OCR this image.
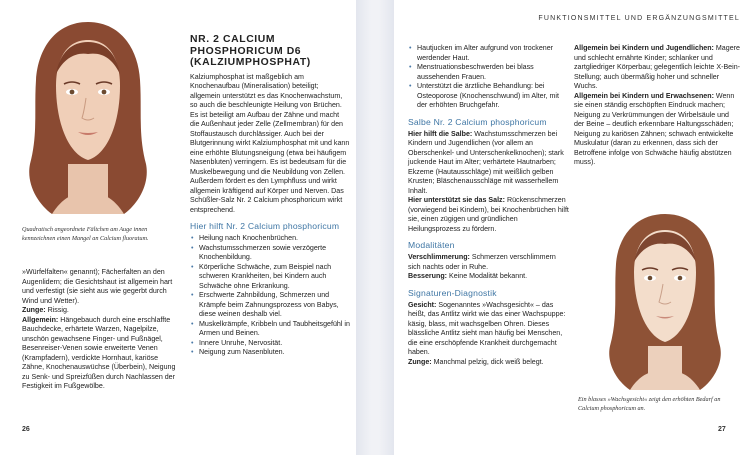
Quadratisch angeordnete Fältchen am Auge innen kennzeichnen einen Mangel an Calcium fluoratum.

»Würfelfalten« genannt); Fächerfalten an den Augenlidern; die Gesichtshaut ist allgemein hart und verfestigt (sie sieht aus wie gegerbt durch Wind und Wetter).

Zunge: Rissig.

Allgemein: Hängebauch durch eine erschlaffte Bauchdecke, erhärtete Warzen, Nagelpilze, unschön gewachsene Finger- und Fußnägel, Besenreiser-Venen sowie erweiterte Venen (Krampfadern), verdickte Hornhaut, kariöse Zähne, Knochenauswüchse (Überbein), Neigung zu Senk- und Spreizfüßen durch Nachlassen der Festigkeit im Fußgewölbe.

NR. 2 CALCIUM PHOSPHORICUM D6 (KALZIUMPHOSPHAT)

Kalziumphosphat ist maßgeblich am Knochenaufbau (Mineralisation) beteiligt; allgemein unterstützt es das Knochenwachstum, so auch die beschleunigte Heilung von Brüchen. Es ist beteiligt am Aufbau der Zähne und macht die Außenhaut jeder Zelle (Zellmembran) für den Stoffaustausch durchlässiger. Auch bei der Blutgerinnung wirkt Kalziumphosphat mit und kann eine erhöhte Blutungsneigung (etwa bei häufigem Nasenbluten) verringern. Es ist bedeutsam für die Muskelbewegung und die Neubildung von Zellen. Außerdem fördert es den Lymphfluss und wirkt allgemein kräftigend auf Körper und Nerven. Das Schüßler-Salz Nr. 2 Calcium phosphoricum wirkt entsprechend.

Hier hilft Nr. 2 Calcium phosphoricum
• Heilung nach Knochenbrüchen.
• Wachstumsschmerzen sowie verzögerte Knochenbildung.
• Körperliche Schwäche, zum Beispiel nach schweren Krankheiten, bei Kindern auch Schwäche ohne Erkrankung.
• Erschwerte Zahnbildung, Schmerzen und Krämpfe beim Zahnungsprozess von Babys, diese weinen deshalb viel.
• Muskelkrämpfe, Kribbeln und Taubheitsgefühl in Armen und Beinen.
• Innere Unruhe, Nervosität.
• Neigung zum Nasenbluten.
26
FUNKTIONSMITTEL UND ERGÄNZUNGSMITTEL
• Hautjucken im Alter aufgrund von trockener werdender Haut.
• Menstruationsbeschwerden bei blass aussehenden Frauen.
• Unterstützt die ärztliche Behandlung: bei Osteoporose (Knochenschwund) im Alter, mit der erhöhten Bruchgefahr.
Salbe Nr. 2 Calcium phosphoricum

Hier hilft die Salbe: Wachstumsschmerzen bei Kindern und Jugendlichen (vor allem an Oberschenkel- und Unterschenkelknochen); stark juckende Haut im Alter; verhärtete Hautnarben; Ekzeme (Hautausschläge) mit weißlich gelben Krusten; Bläschenausschläge mit wasserhellem Inhalt.

Hier unterstützt sie das Salz: Rückenschmerzen (vorwiegend bei Kindern), bei Knochenbrüchen hilft sie, einen zügigen und gründlichen Heilungsprozess zu fördern.

Modalitäten

Verschlimmerung: Schmerzen verschlimmern sich nachts oder in Ruhe.

Besserung: Keine Modalität bekannt.

Signaturen-Diagnostik

Gesicht: Sogenanntes »Wachsgesicht« – das heißt, das Antlitz wirkt wie das einer Wachspuppe: käsig, blass, mit wachsgelben Ohren. Dieses blässliche Antlitz sieht man häufig bei Menschen, die eine erschöpfende Krankheit durchgemacht haben.

Zunge: Manchmal pelzig, dick weiß belegt.

Allgemein bei Kindern und Jugendlichen: Magere und schlecht ernährte Kinder; schlanker und zartgliedriger Körperbau; gelegentlich leichte X-Bein-Stellung; auch übermäßig hoher und schneller Wuchs.

Allgemein bei Kindern und Erwachsenen: Wenn sie einen ständig erschöpften Eindruck machen; Neigung zu Verkrümmungen der Wirbelsäule und der Beine – deutlich erkennbare Haltungsschäden; Neigung zu kariösen Zähnen; schwach entwickelte Muskulatur (daran zu erkennen, dass sich der Betroffene infolge von Schwäche häufig abstützen muss).

Ein blasses »Wachsgesicht« zeigt den erhöhten Bedarf an Calcium phosphoricum an.
27
